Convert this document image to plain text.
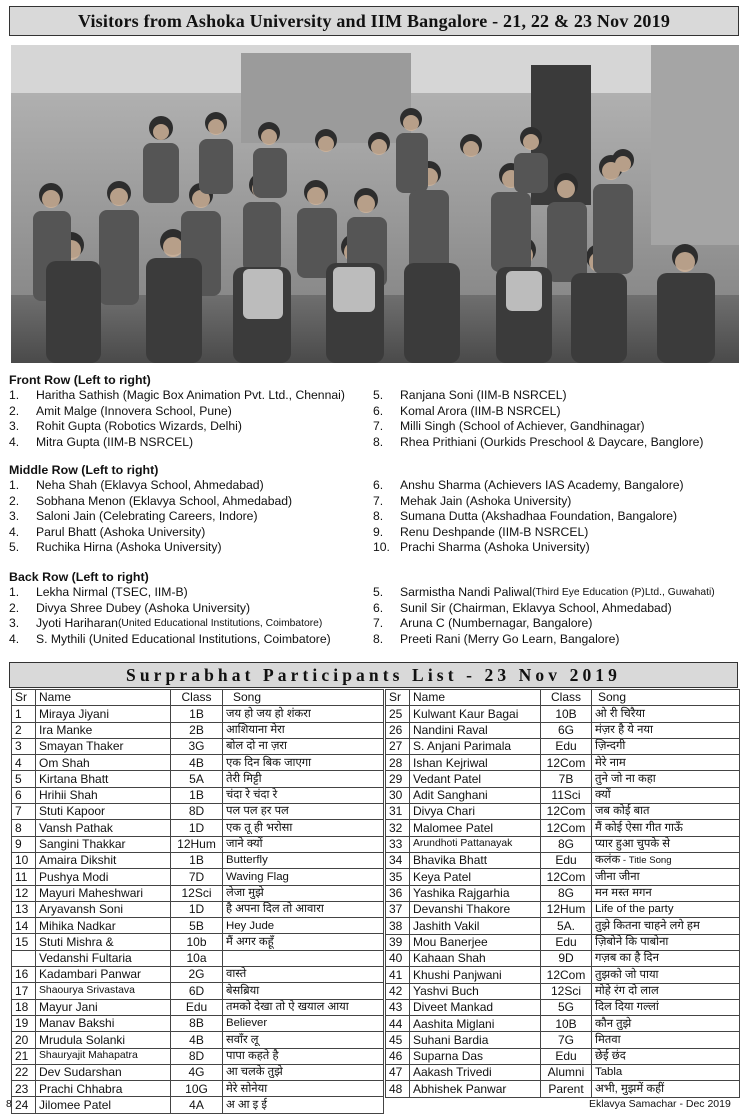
Visitors from Ashoka University and IIM Bangalore - 21, 22 & 23 Nov 2019
Front Row (Left to right)
1.	Haritha Sathish (Magic Box Animation Pvt. Ltd., Chennai)
2.	Amit Malge (Innovera School, Pune)
3.	Rohit Gupta (Robotics Wizards, Delhi)
4.	Mitra Gupta (IIM-B NSRCEL)
5.	Ranjana Soni (IIM-B NSRCEL)
6.	Komal Arora (IIM-B NSRCEL)
7.	Milli Singh (School of Achiever, Gandhinagar)
8.	Rhea Prithiani (Ourkids Preschool & Daycare, Banglore)
Middle Row (Left to right)
1.	Neha Shah (Eklavya School, Ahmedabad)
2.	Sobhana Menon (Eklavya School, Ahmedabad)
3.	Saloni Jain (Celebrating Careers, Indore)
4.	Parul Bhatt (Ashoka University)
5.	Ruchika Hirna (Ashoka University)
6.	Anshu Sharma (Achievers IAS Academy, Bangalore)
7.	Mehak Jain (Ashoka University)
8.	Sumana Dutta (Akshadhaa Foundation, Bangalore)
9.	Renu Deshpande (IIM-B NSRCEL)
10. Prachi Sharma (Ashoka University)
Back Row (Left to right)
1.	Lekha Nirmal (TSEC, IIM-B)
2.	Divya Shree Dubey (Ashoka University)
3.	Jyoti Hariharan (United Educational Institutions, Coimbatore)
4.	S. Mythili (United Educational Institutions, Coimbatore)
5.	Sarmistha Nandi Paliwal (Third Eye Education (P)Ltd., Guwahati)
6.	Sunil Sir (Chairman, Eklavya School, Ahmedabad)
7.	Aruna C (Numbernagar, Bangalore)
8.	Preeti Rani (Merry Go Learn, Bangalore)
Surprabhat Participants List - 23 Nov 2019
Sr	Name	Class	Song
1	Miraya Jiyani	1B	जय हो जय हो शंकरा
2	Ira Manke	2B	आशियाना मेरा
3	Smayan Thaker	3G	बोल दो ना ज़रा
4	Om Shah	4B	एक दिन बिक जाएगा
5	Kirtana Bhatt	5A	तेरी मिट्टी
6	Hrihii Shah	1B	चंदा रे चंदा रे
7	Stuti Kapoor	8D	पल पल हर पल
8	Vansh Pathak	1D	एक तू ही भरोसा
9	Sangini Thakkar	12Hum	जाने क्यों
10	Amaira Dikshit	1B	Butterfly
11	Pushya Modi	7D	Waving Flag
12	Mayuri Maheshwari	12Sci	लेजा मुझे
13	Aryavansh Soni	1D	है अपना दिल तो आवारा
14	Mihika Nadkar	5B	Hey Jude
15	Stuti Mishra &	10b	मैं अगर कहूँ
	Vedanshi Fultaria	10a	
16	Kadambari Panwar	2G	वास्ते
17	Shaourya Srivastava	6D	बेसब्रिया
18	Mayur Jani	Edu	तमको देखा तो ऐ खयाल आया
19	Manav Bakshi	8B	Believer
20	Mrudula Solanki	4B	सवाँर लू
21	Shauryajit Mahapatra	8D	पापा कहते है
22	Dev Sudarshan	4G	आ चलके तुझे
23	Prachi Chhabra	10G	मेरे सोनेया
24	Jilomee Patel	4A	अ आ इ ई
Sr	Name	Class	Song
25	Kulwant Kaur Bagai	10B	ओ री चिरैया
26	Nandini Raval	6G	मंज़र है ये नया
27	S. Anjani Parimala	Edu	ज़िन्दगी
28	Ishan Kejriwal	12Com	मेरे नाम
29	Vedant Patel	7B	तुने जो ना कहा
30	Adit Sanghani	11Sci	क्यों
31	Divya Chari	12Com	जब कोई बात
32	Malomee Patel	12Com	मैं कोई ऐसा गीत गाऊँ
33	Arundhoti Pattanayak	8G	प्यार हुआ चुपके से
34	Bhavika Bhatt	Edu	कलंक - Title Song
35	Keya Patel	12Com	जीना जीना
36	Yashika Rajgarhia	8G	मन मस्त मगन
37	Devanshi Thakore	12Hum	Life of the party
38	Jashith Vakil	5A.	तुझे कितना चाहने लगे हम
39	Mou Banerjee	Edu	ज़िबोने कि पाबोना
40	Kahaan Shah	9D	गज़ब का है दिन
41	Khushi Panjwani	12Com	तुझको जो पाया
42	Yashvi Buch	12Sci	मोहे रंग दो लाल
43	Diveet Mankad	5G	दिल दिया गल्लां
44	Aashita Miglani	10B	कौन तुझे
45	Suhani Bardia	7G	मितवा
46	Suparna Das	Edu	छेई छंद
47	Aakash Trivedi	Alumni	Tabla
48	Abhishek Panwar	Parent	अभी, मुझमें कहीं
8	Eklavya Samachar - Dec 2019
